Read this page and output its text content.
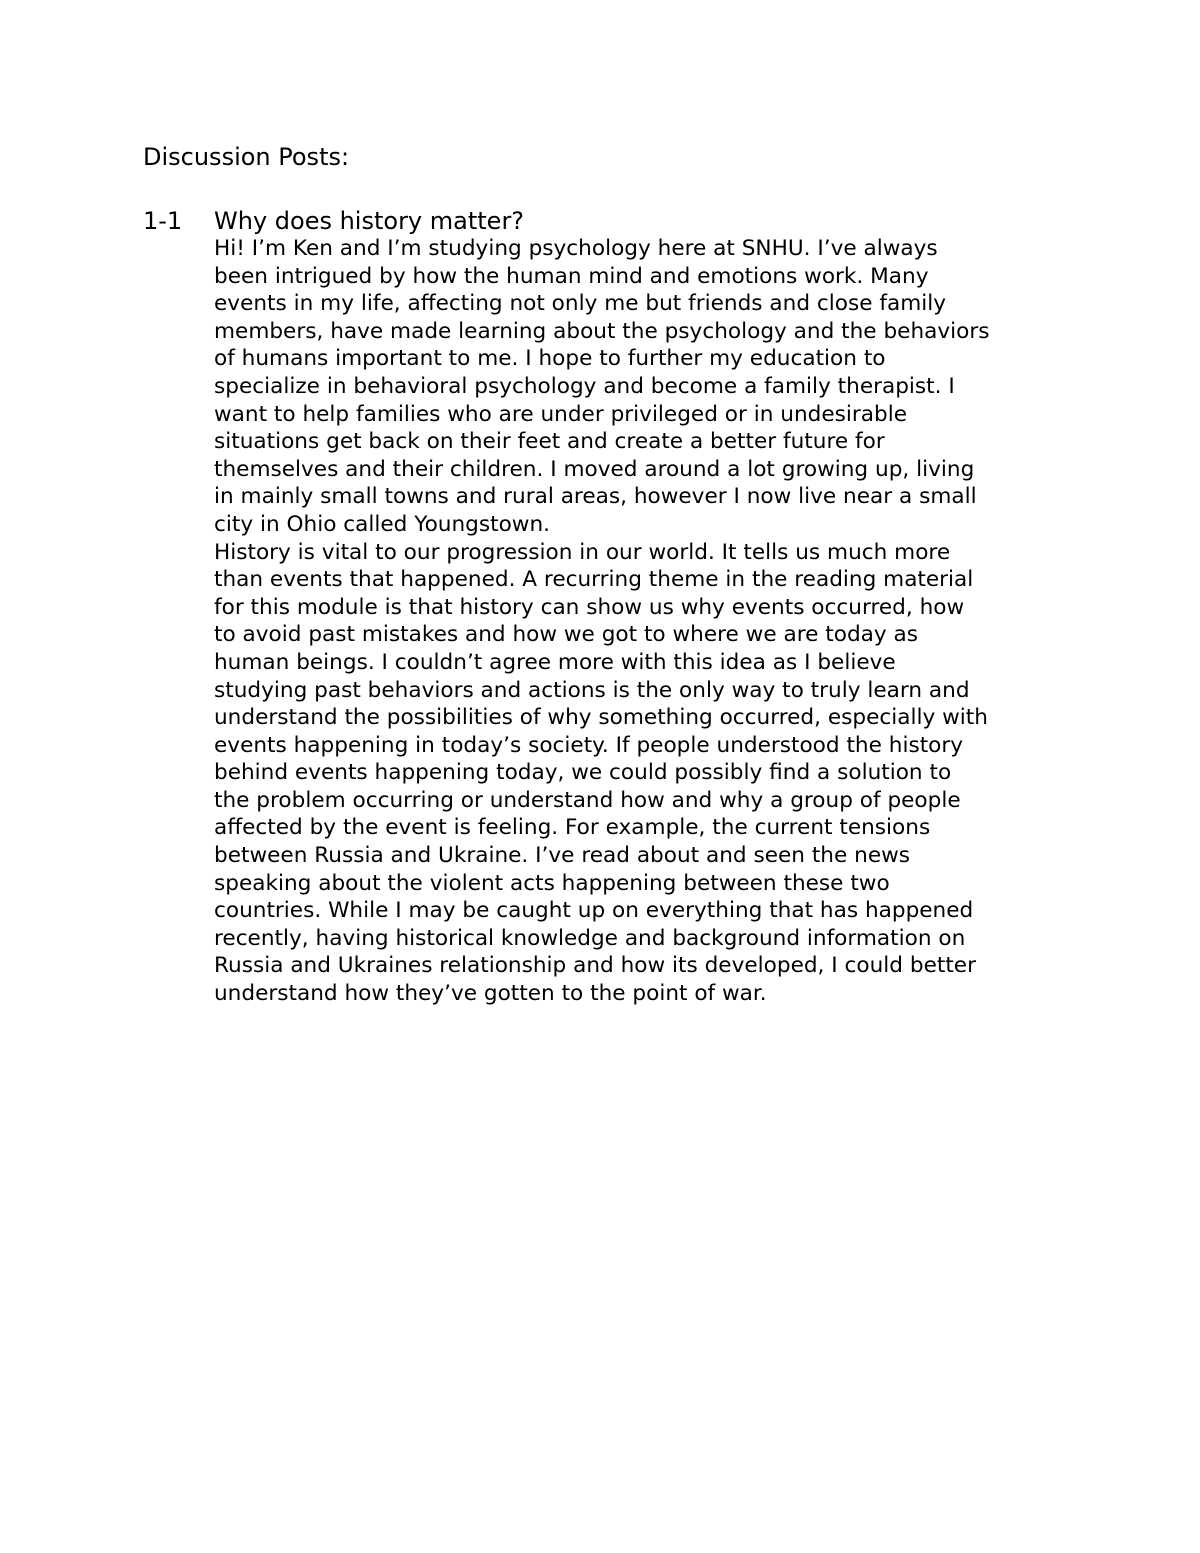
Discussion Posts:
1-1 Why does history matter?

Hi! I’m Ken and I’m studying psychology here at SNHU. I’ve always
been intrigued by how the human mind and emotions work. Many
events in my life, affecting not only me but friends and close family
members, have made learning about the psychology and the behaviors
of humans important to me. I hope to further my education to
specialize in behavioral psychology and become a family therapist. I
want to help families who are under privileged or in undesirable
situations get back on their feet and create a better future for
themselves and their children. I moved around a lot growing up, living
in mainly small towns and rural areas, however I now live near a small
city in Ohio called Youngstown.

History is vital to our progression in our world. It tells us much more
than events that happened. A recurring theme in the reading material
for this module is that history can show us why events occurred, how
to avoid past mistakes and how we got to where we are today as
human beings. I couldn’t agree more with this idea as I believe
studying past behaviors and actions is the only way to truly learn and
understand the possibilities of why something occurred, especially with
events happening in today’s society. If people understood the history
behind events happening today, we could possibly find a solution to
the problem occurring or understand how and why a group of people
affected by the event is feeling. For example, the current tensions
between Russia and Ukraine. I’ve read about and seen the news
speaking about the violent acts happening between these two
countries. While I may be caught up on everything that has happened
recently, having historical knowledge and background information on
Russia and Ukraines relationship and how its developed, I could better
understand how they’ve gotten to the point of war.
